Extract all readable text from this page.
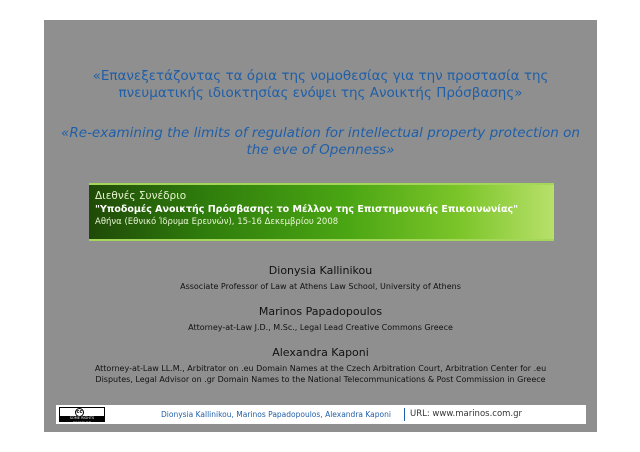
«Επανεξετάζοντας τα όρια της νομοθεσίας για την προστασία της πνευματικής ιδιοκτησίας ενόψει της Ανοικτής Πρόσβασης»
«Re-examining the limits of regulation for intellectual property protection on the eve of Openness»
Διεθνές Συνέδριο
"Υποδομές Ανοικτής Πρόσβασης: το Μέλλον της Επιστημονικής Επικοινωνίας"
Αθήνα (Εθνικό Ίδρυμα Ερευνών), 15-16 Δεκεμβρίου 2008
Dionysia Kallinikou
Associate Professor of Law at Athens Law School, University of Athens
Marinos Papadopoulos
Attorney-at-Law J.D., M.Sc., Legal Lead Creative Commons Greece
Alexandra Kaponi
Attorney-at-Law LL.M., Arbitrator on .eu Domain Names at the Czech Arbitration Court, Arbitration Center for .eu
Disputes, Legal Advisor on .gr Domain Names to the National Telecommunications & Post Commission in Greece
cc
SOME RIGHTS RESERVED
Dionysia Kallinikou, Marinos Papadopoulos, Alexandra Kaponi URL: www.marinos.com.gr
